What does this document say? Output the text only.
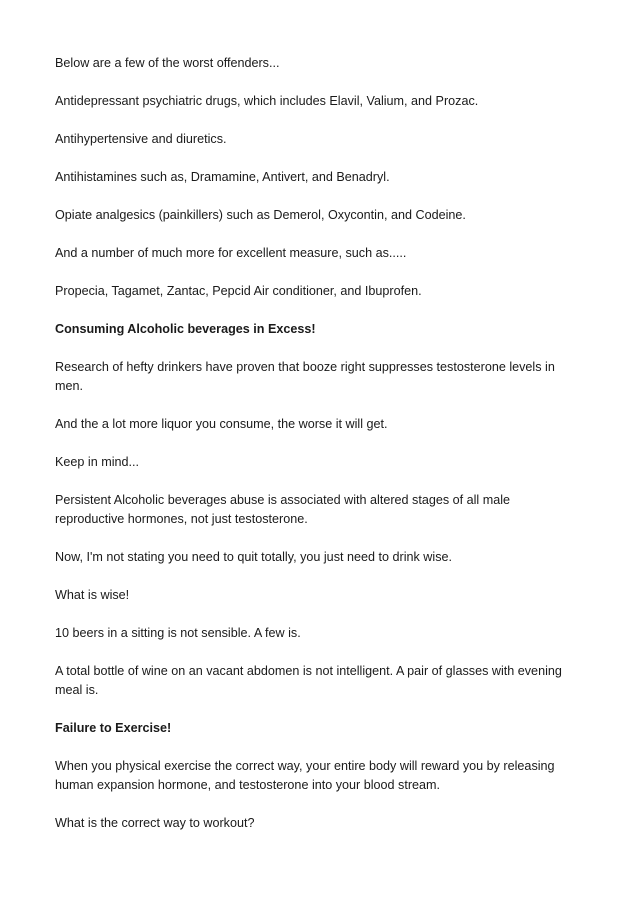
Below are a few of the worst offenders...

Antidepressant psychiatric drugs, which includes Elavil, Valium, and Prozac.

Antihypertensive and diuretics.

Antihistamines such as, Dramamine, Antivert, and Benadryl.

Opiate analgesics (painkillers) such as Demerol, Oxycontin, and Codeine.

And a number of much more for excellent measure, such as.....

Propecia, Tagamet, Zantac, Pepcid Air conditioner, and Ibuprofen.

Consuming Alcoholic beverages in Excess!

Research of hefty drinkers have proven that booze right suppresses testosterone levels in men.

And the a lot more liquor you consume, the worse it will get.

Keep in mind...

Persistent Alcoholic beverages abuse is associated with altered stages of all male reproductive hormones, not just testosterone.

Now, I'm not stating you need to quit totally, you just need to drink wise.

What is wise!

10 beers in a sitting is not sensible. A few is.

A total bottle of wine on an vacant abdomen is not intelligent. A pair of glasses with evening meal is.

Failure to Exercise!

When you physical exercise the correct way, your entire body will reward you by releasing human expansion hormone, and testosterone into your blood stream.

What is the correct way to workout?
